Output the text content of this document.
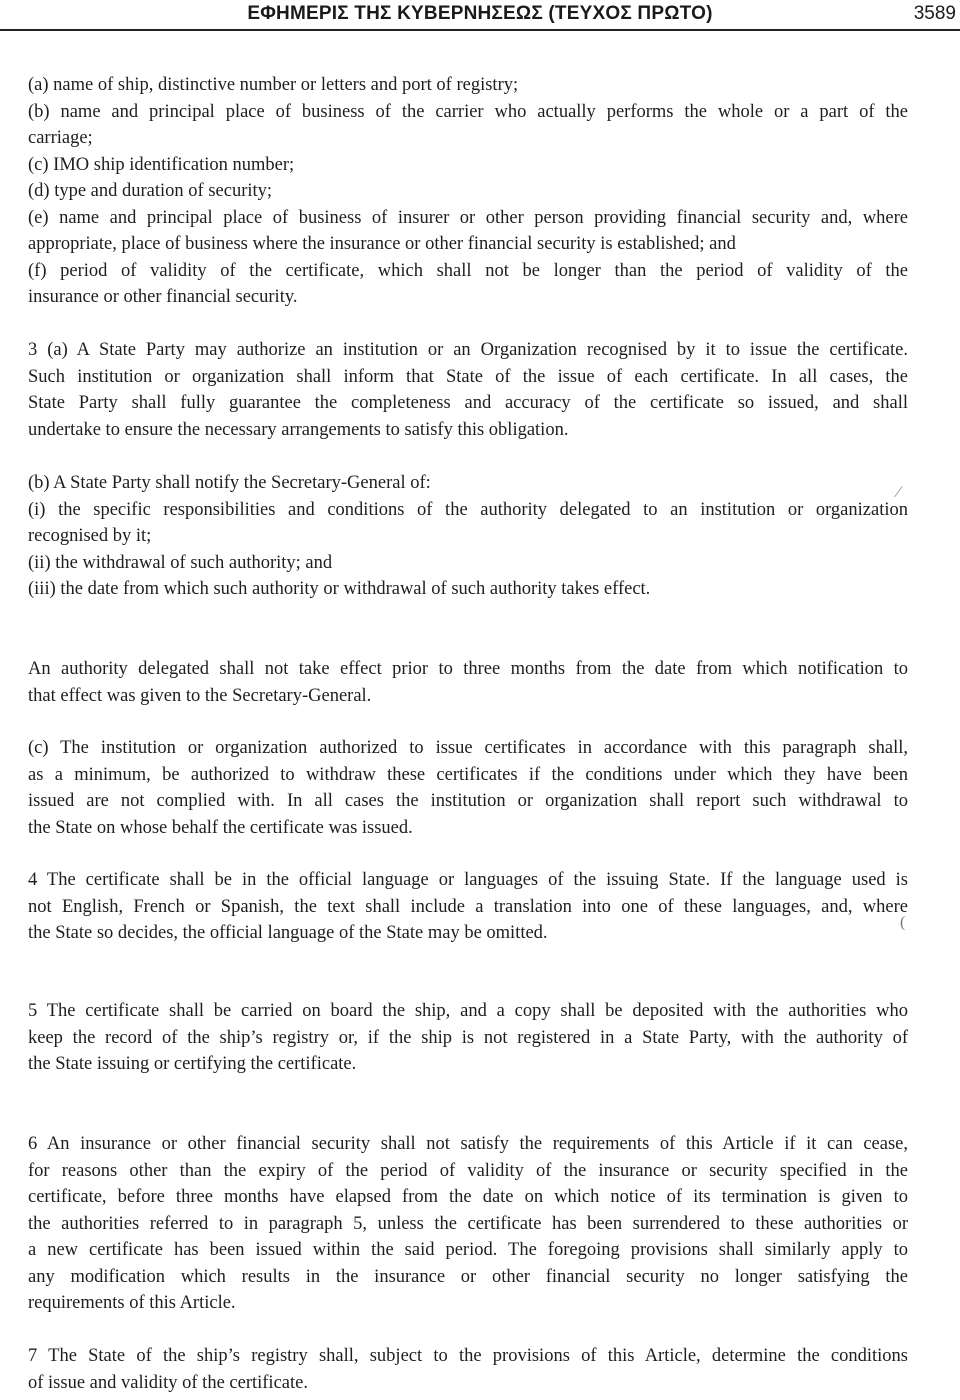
ΕΦΗΜΕΡΙΣ ΤΗΣ ΚΥΒΕΡΝΗΣΕΩΣ (ΤΕΥΧΟΣ ΠΡΩΤΟ)	3589
(a) name of ship, distinctive number or letters and port of registry;
(b) name and principal place of business of the carrier who actually performs the whole or a part of the
carriage;
(c) IMO ship identification number;
(d) type and duration of security;
(e) name and principal place of business of insurer or other person providing financial security and, where
appropriate, place of business where the insurance or other financial security is established; and
(f) period of validity of the certificate, which shall not be longer than the period of validity of the
insurance or other financial security.
3 (a) A State Party may authorize an institution or an Organization recognised by it to issue the certificate.
Such institution or organization shall inform that State of the issue of each certificate. In all cases, the
State Party shall fully guarantee the completeness and accuracy of the certificate so issued, and shall
undertake to ensure the necessary arrangements to satisfy this obligation.
(b) A State Party shall notify the Secretary-General of:
(i) the specific responsibilities and conditions of the authority delegated to an institution or organization
recognised by it;
(ii) the withdrawal of such authority; and
(iii) the date from which such authority or withdrawal of such authority takes effect.
An authority delegated shall not take effect prior to three months from the date from which notification to
that effect was given to the Secretary-General.
(c) The institution or organization authorized to issue certificates in accordance with this paragraph shall,
as a minimum, be authorized to withdraw these certificates if the conditions under which they have been
issued are not complied with. In all cases the institution or organization shall report such withdrawal to
the State on whose behalf the certificate was issued.
4 The certificate shall be in the official language or languages of the issuing State. If the language used is
not English, French or Spanish, the text shall include a translation into one of these languages, and, where
the State so decides, the official language of the State may be omitted.
5 The certificate shall be carried on board the ship, and a copy shall be deposited with the authorities who
keep the record of the ship’s registry or, if the ship is not registered in a State Party, with the authority of
the State issuing or certifying the certificate.
6 An insurance or other financial security shall not satisfy the requirements of this Article if it can cease,
for reasons other than the expiry of the period of validity of the insurance or security specified in the
certificate, before three months have elapsed from the date on which notice of its termination is given to
the authorities referred to in paragraph 5, unless the certificate has been surrendered to these authorities or
a new certificate has been issued within the said period. The foregoing provisions shall similarly apply to
any modification which results in the insurance or other financial security no longer satisfying the
requirements of this Article.
7 The State of the ship’s registry shall, subject to the provisions of this Article, determine the conditions
of issue and validity of the certificate.
⁄
(
